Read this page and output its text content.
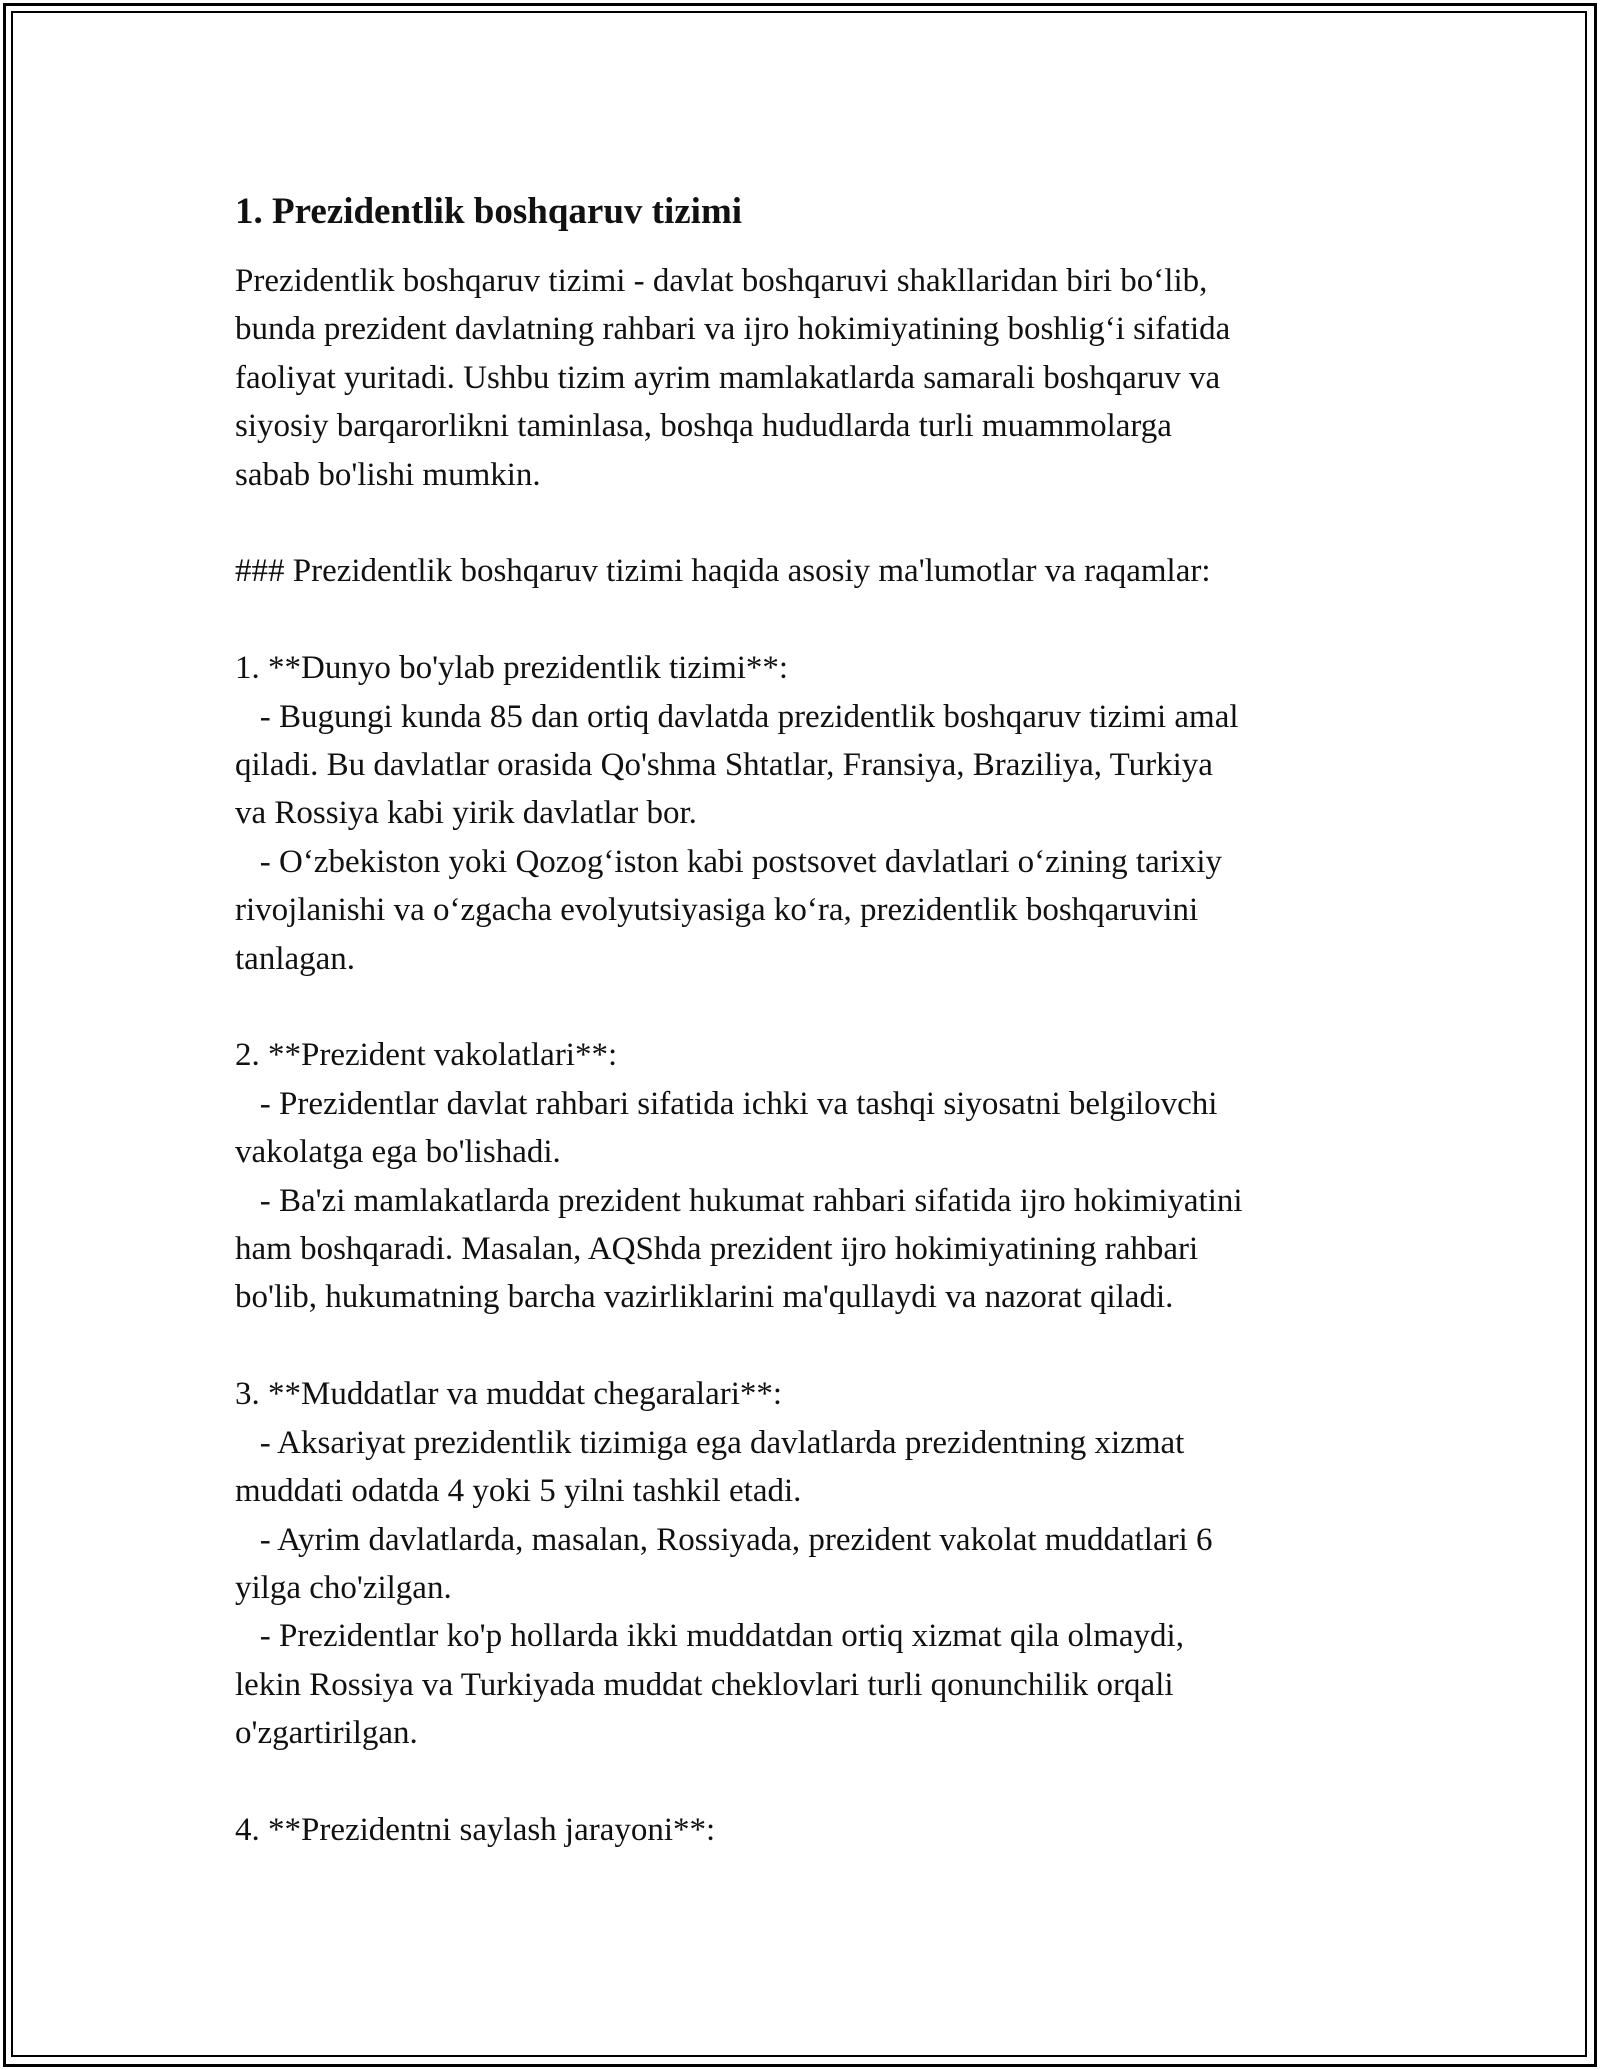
1. Prezidentlik boshqaruv tizimi

Prezidentlik boshqaruv tizimi - davlat boshqaruvi shakllaridan biri bo‘lib,

bunda prezident davlatning rahbari va ijro hokimiyatining boshlig‘i sifatida

faoliyat yuritadi. Ushbu tizim ayrim mamlakatlarda samarali boshqaruv va

siyosiy barqarorlikni taminlasa, boshqa hududlarda turli muammolarga

sabab bo'lishi mumkin.

### Prezidentlik boshqaruv tizimi haqida asosiy ma'lumotlar va raqamlar:

1. **Dunyo bo'ylab prezidentlik tizimi**:

- Bugungi kunda 85 dan ortiq davlatda prezidentlik boshqaruv tizimi amal

qiladi. Bu davlatlar orasida Qo'shma Shtatlar, Fransiya, Braziliya, Turkiya

va Rossiya kabi yirik davlatlar bor.

- O‘zbekiston yoki Qozog‘iston kabi postsovet davlatlari o‘zining tarixiy

rivojlanishi va o‘zgacha evolyutsiyasiga ko‘ra, prezidentlik boshqaruvini

tanlagan.

2. **Prezident vakolatlari**:

- Prezidentlar davlat rahbari sifatida ichki va tashqi siyosatni belgilovchi

vakolatga ega bo'lishadi.

- Ba'zi mamlakatlarda prezident hukumat rahbari sifatida ijro hokimiyatini

ham boshqaradi. Masalan, AQShda prezident ijro hokimiyatining rahbari

bo'lib, hukumatning barcha vazirliklarini ma'qullaydi va nazorat qiladi.

3. **Muddatlar va muddat chegaralari**:

- Aksariyat prezidentlik tizimiga ega davlatlarda prezidentning xizmat

muddati odatda 4 yoki 5 yilni tashkil etadi.

- Ayrim davlatlarda, masalan, Rossiyada, prezident vakolat muddatlari 6

yilga cho'zilgan.

- Prezidentlar ko'p hollarda ikki muddatdan ortiq xizmat qila olmaydi,

lekin Rossiya va Turkiyada muddat cheklovlari turli qonunchilik orqali

o'zgartirilgan.

4. **Prezidentni saylash jarayoni**:
